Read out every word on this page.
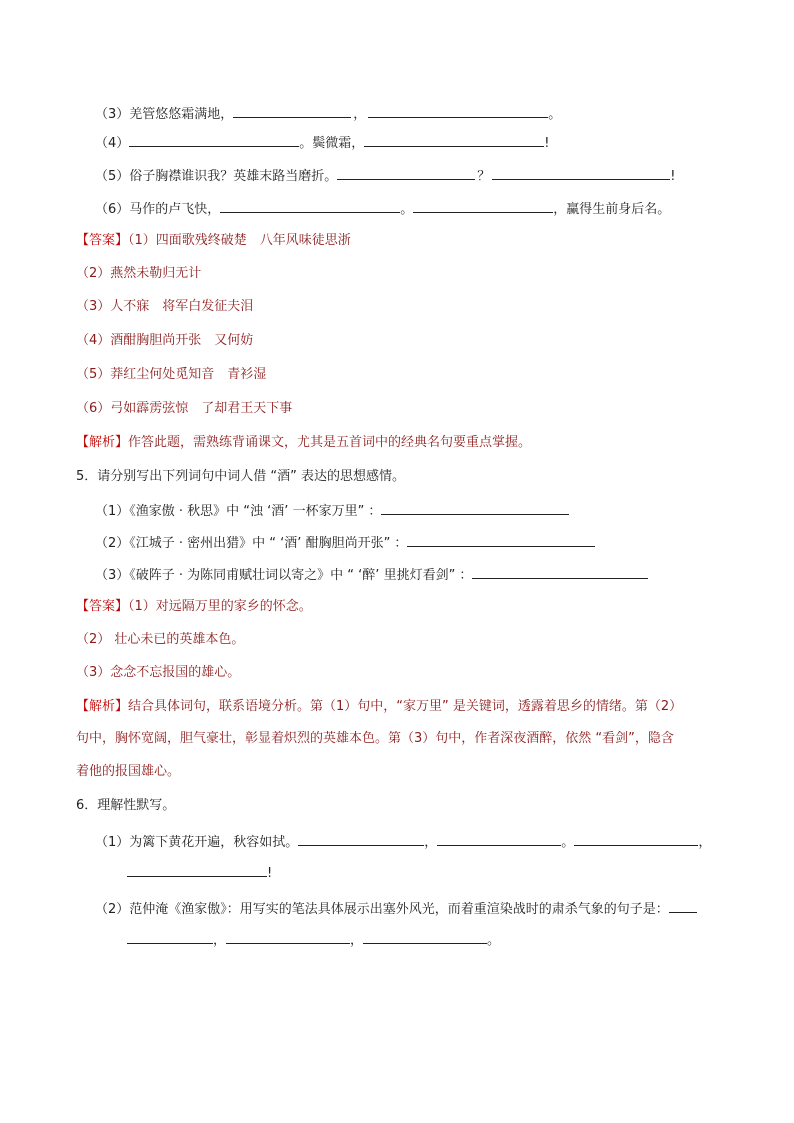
（3）羌管悠悠霜满地，	，	。
（4）	。鬓微霜，	!
（5）俗子胸襟谁识我？英雄末路当磨折。	？	!
（6）马作的卢飞快，	。	，赢得生前身后名。
【答案】（1）四面歌残终破楚　八年风味徒思浙
（2）燕然未勒归无计
（3）人不寐　将军白发征夫泪
（4）酒酣胸胆尚开张　又何妨
（5）莽红尘何处觅知音　青衫湿
（6）弓如霹雳弦惊　了却君王天下事
【解析】作答此题，需熟练背诵课文，尤其是五首词中的经典名句要重点掌握。
5．请分别写出下列词句中词人借 “酒” 表达的思想感情。
（1）《渔家傲 · 秋思》中 “浊 ‘酒’ 一杯家万里” ：
（2）《江城子 · 密州出猎》中 “ ‘酒’ 酣胸胆尚开张” ：
（3）《破阵子 · 为陈同甫赋壮词以寄之》中 “ ‘醉’ 里挑灯看剑” ：
【答案】（1）对远隔万里的家乡的怀念。
（2） 壮心未已的英雄本色。
（3）念念不忘报国的雄心。
【解析】结合具体词句，联系语境分析。第（1）句中，“家万里” 是关键词，透露着思乡的情绪。第（2）
句中，胸怀宽阔，胆气豪壮，彰显着炽烈的英雄本色。第（3）句中，作者深夜酒醉，依然 “看剑”，隐含
着他的报国雄心。
6．理解性默写。
（1）为篱下黄花开遍，秋容如拭。	，	。	，
!
（2）范仲淹《渔家傲》：用写实的笔法具体展示出塞外风光，而着重渲染战时的肃杀气象的句子是：
，	，	。
